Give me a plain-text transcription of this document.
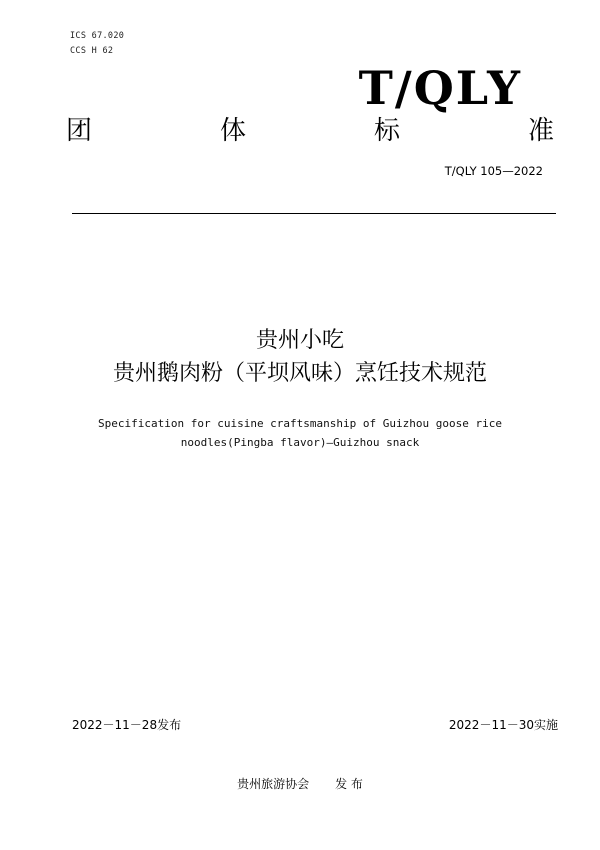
ICS 67.020
CCS H 62
T/QLY
团	体	标	准
T/QLY 105—2022
贵州小吃
贵州鹅肉粉（平坝风味）烹饪技术规范
Specification for cuisine craftsmanship of Guizhou goose rice
noodles(Pingba flavor)—Guizhou snack
2022－11－28发布	2022－11－30实施
贵州旅游协会 发 布
